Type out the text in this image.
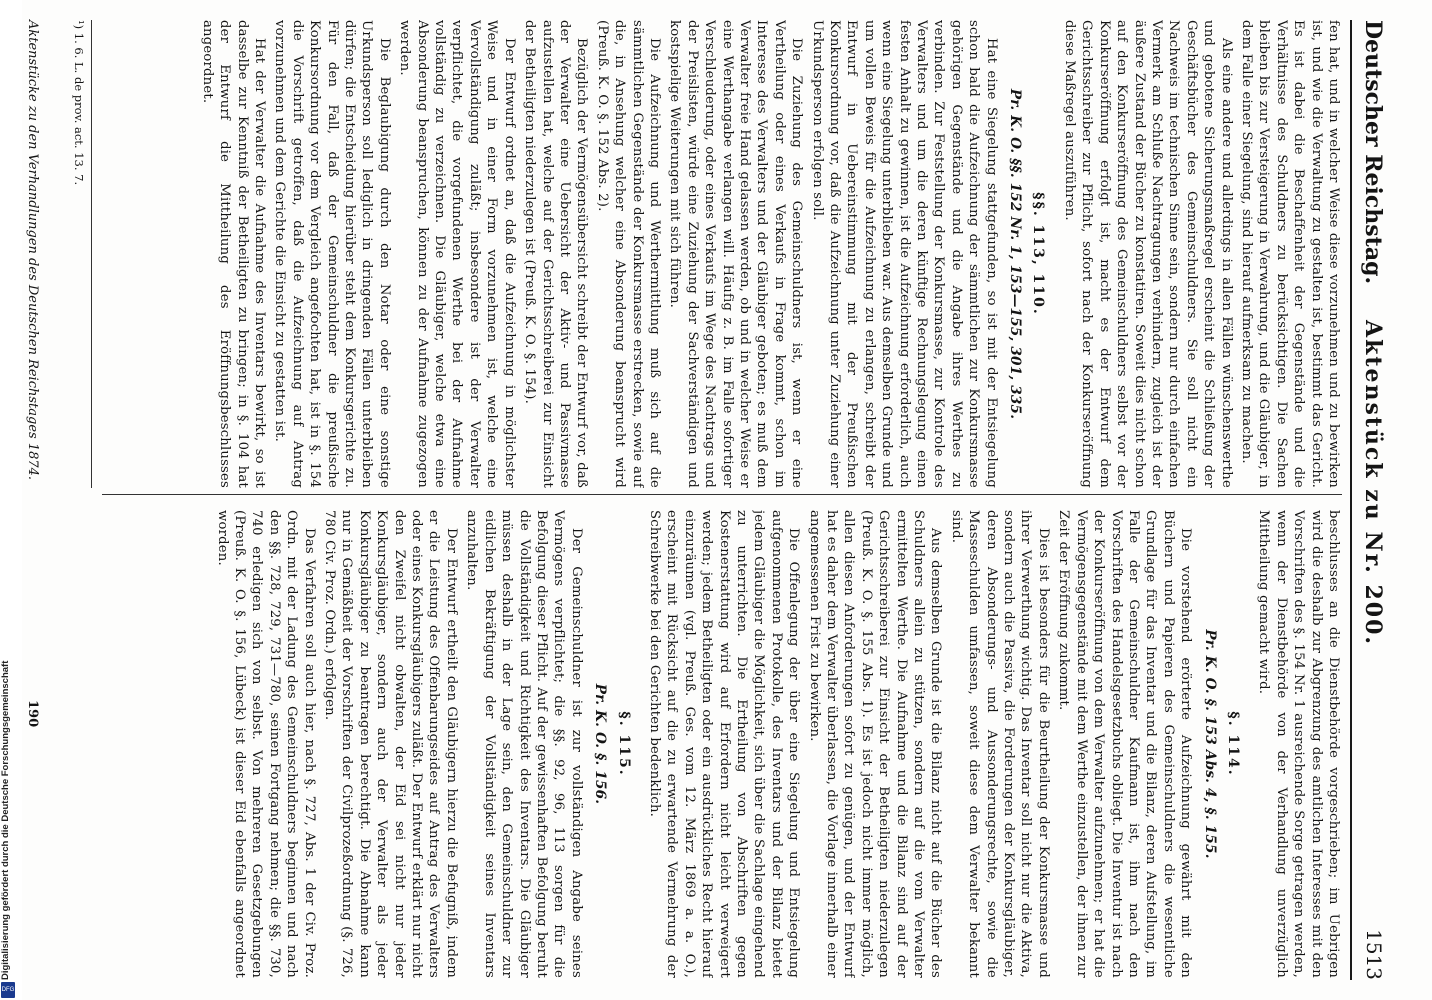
Digitalisierung gefördert durch die Deutsche Forschungsgemeinschaft
DFG
Deutscher Reichstag.
Aktenstück zu Nr. 200.
1513

fen hat, und in welcher Weise diese vorzunehmen und zu bewirken ist, und wie die Verwaltung zu gestalten ist, bestimmt das Gericht. Es ist dabei die Beschaffenheit der Gegenstände und die Verhältnisse des Schuldners zu berücksichtigen. Die Sachen bleiben bis zur Versteigerung in Verwahrung, und die Gläubiger, in dem Falle einer Siegelung, sind hierauf aufmerksam zu machen.

Als eine andere und allerdings in allen Fällen wünschenswerthe und gebotene Sicherungsmaßregel erscheint die Schließung der Geschäftsbücher des Gemeinschuldners. Sie soll nicht ein Nachweis im technischen Sinne sein, sondern nur durch einfachen Vermerk am Schluße Nachtragungen verhindern, zugleich ist der äußere Zustand der Bücher zu konstatiren. Soweit dies nicht schon auf den Konkurseröffnung des Gemeinschuldners selbst vor der Konkurseröffnung erfolgt ist, macht es der Entwurf dem Gerichtsschreiber zur Pflicht, sofort nach der Konkurseröffnung diese Maßregel auszuführen.

§§. 113, 110.
Pr. K. O. §§. 152 Nr. 1, 153—155, 301, 335.

Hat eine Siegelung stattgefunden, so ist mit der Entsiegelung schon bald die Aufzeichnung der sämmtlichen zur Konkursmasse gehörigen Gegenstände und die Angabe ihres Werthes zu verbinden. Zur Feststellung der Konkursmasse, zur Kontrole des Verwalters und um die deren künftige Rechnungslegung einen festen Anhalt zu gewinnen, ist die Aufzeichnung erforderlich, auch wenn eine Siegelung unterblieben war. Aus demselben Grunde und um vollen Beweis für die Aufzeichnung zu erlangen, schreibt der Entwurf in Uebereinstimmung mit der Preußischen Konkursordnung vor, daß die Aufzeichnung unter Zuziehung einer Urkundsperson erfolgen soll.

Die Zuziehung des Gemeinschuldners ist, wenn er eine Vertheilung oder eines Verkaufs in Frage kommt, schon im Interesse des Verwalters und der Gläubiger geboten; es muß dem Verwalter freie Hand gelassen werden, ob und in welcher Weise er eine Werthangabe verlangen will. Häufig z. B. im Falle sofortiger Verschleuderung, oder eines Verkaufs im Wege des Nachtrags und der Preislisten, würde eine Zuziehung der Sachverständigen und kostspielige Weiterungen mit sich führen.

Die Aufzeichnung und Werthermittlung muß sich auf die sämmtlichen Gegenstände der Konkursmasse erstrecken, sowie auf die, in Ansehung welcher eine Absonderung beansprucht wird (Preuß. K. O. §. 152 Abs. 2).

Bezüglich der Vermögensübersicht schreibt der Entwurf vor, daß der Verwalter eine Uebersicht der Aktiv- und Passivmasse aufzustellen hat, welche auf der Gerichtsschreiberei zur Einsicht der Betheiligten niederzulegen ist (Preuß. K. O. §. 154).

Der Entwurf ordnet an, daß die Aufzeichnung in möglichster Weise und in einer Form vorzunehmen ist, welche eine Vervollständigung zuläßt; insbesondere ist der Verwalter verpflichtet, die vorgefundenen Werthe bei der Aufnahme vollständig zu verzeichnen. Die Gläubiger, welche etwa eine Absonderung beanspruchen, können zu der Aufnahme zugezogen werden.

Die Beglaubigung durch den Notar oder eine sonstige Urkundsperson soll lediglich in dringenden Fällen unterbleiben dürfen; die Entscheidung hierüber steht dem Konkursgerichte zu. Für den Fall, daß der Gemeinschuldner die preußische Konkursordnung vor dem Vergleich angefochten hat, ist in §. 154 die Vorschrift getroffen, daß die Aufzeichnung auf Antrag vorzunehmen und dem Gerichte die Einsicht zu gestatten ist.

Hat der Verwalter die Aufnahme des Inventars bewirkt, so ist dasselbe zur Kenntniß der Betheiligten zu bringen; in §. 104 hat der Entwurf die Mittheilung des Eröffnungsbeschlusses angeordnet.

beschlusses an die Dienstbehörde vorgeschrieben; im Uebrigen wird die deshalb zur Abgrenzung des amtlichen Interesses mit den Vorschriften des §. 154 Nr. 1 ausreichende Sorge getragen werden, wenn der Dienstbehörde von der Verhandlung unverzüglich Mittheilung gemacht wird.

§. 114.
Pr. K. O. §. 153 Abs. 4, §. 155.

Die vorstehend erörterte Aufzeichnung gewährt mit den Büchern und Papieren des Gemeinschuldners die wesentliche Grundlage für das Inventar und die Bilanz, deren Aufstellung, im Falle der Gemeinschuldner Kaufmann ist, ihm nach den Vorschriften des Handelsgesetzbuchs obliegt. Die Inventur ist nach der Konkurseröffnung von dem Verwalter aufzunehmen; er hat die Vermögensgegenstände mit dem Werthe einzustellen, der ihnen zur Zeit der Eröffnung zukommt.

Dies ist besonders für die Beurtheilung der Konkursmasse und ihrer Verwerthung wichtig. Das Inventar soll nicht nur die Aktiva, sondern auch die Passiva, die Forderungen der Konkursgläubiger, deren Absonderungs- und Aussonderungsrechte, sowie die Masseschulden umfassen, soweit diese dem Verwalter bekannt sind.

Aus demselben Grunde ist die Bilanz nicht auf die Bücher des Schuldners allein zu stützen, sondern auf die vom Verwalter ermittelten Werthe. Die Aufnahme und die Bilanz sind auf der Gerichtsschreiberei zur Einsicht der Betheiligten niederzulegen (Preuß. K. O. §. 155 Abs. 1). Es ist jedoch nicht immer möglich, allen diesen Anforderungen sofort zu genügen, und der Entwurf hat es daher dem Verwalter überlassen, die Vorlage innerhalb einer angemessenen Frist zu bewirken.

Die Offenlegung der über eine Siegelung und Entsiegelung aufgenommenen Protokolle, des Inventars und der Bilanz bietet jedem Gläubiger die Möglichkeit, sich über die Sachlage eingehend zu unterrichten. Die Ertheilung von Abschriften gegen Kostenerstattung wird auf Erfordern nicht leicht verweigert werden; jedem Betheiligten oder ein ausdrückliches Recht hierauf einzuräumen (vgl. Preuß. Ges. vom 12. März 1869 a. a. O.), erscheint mit Rücksicht auf die zu erwartende Vermehrung der Schreibwerke bei den Gerichten bedenklich.

§. 115.
Pr. K. O. §. 156.

Der Gemeinschuldner ist zur vollständigen Angabe seines Vermögens verpflichtet; die §§. 92, 96, 113 sorgen für die Befolgung dieser Pflicht. Auf der gewissenhaften Befolgung beruht die Vollständigkeit und Richtigkeit des Inventars. Die Gläubiger müssen deshalb in der Lage sein, den Gemeinschuldner zur eidlichen Bekräftigung der Vollständigkeit seines Inventars anzuhalten.

Der Entwurf ertheilt den Gläubigern hierzu die Befugniß, indem er die Leistung des Offenbarungseides auf Antrag des Verwalters oder eines Konkursgläubigers zuläßt. Der Entwurf erklärt nur nicht den Zweifel nicht obwalten, der Eid sei nicht nur jeder Konkursgläubiger, sondern auch der Verwalter als jeder Konkursgläubiger zu beantragen berechtigt. Die Abnahme kann nur in Gemäßheit der Vorschriften der Civilprozeßordnung (§. 726, 780 Civ. Proz. Ordn.) erfolgen.

Das Verfahren soll auch hier, nach §. 727, Abs. 1 der Civ. Proz. Ordn. mit der Ladung des Gemeinschuldners beginnen und nach den §§. 728, 729, 731—780, seinen Fortgang nehmen; die §§. 730, 740 erledigen sich von selbst. Von mehreren Gesetzgebungen (Preuß. K. O. §. 156, Lübeck) ist dieser Eid ebenfalls angeordnet worden.

¹) 1. 6. L. de prov. act. 13. 7.
Aktenstücke zu den Verhandlungen des Deutschen Reichstages 1874.
190
